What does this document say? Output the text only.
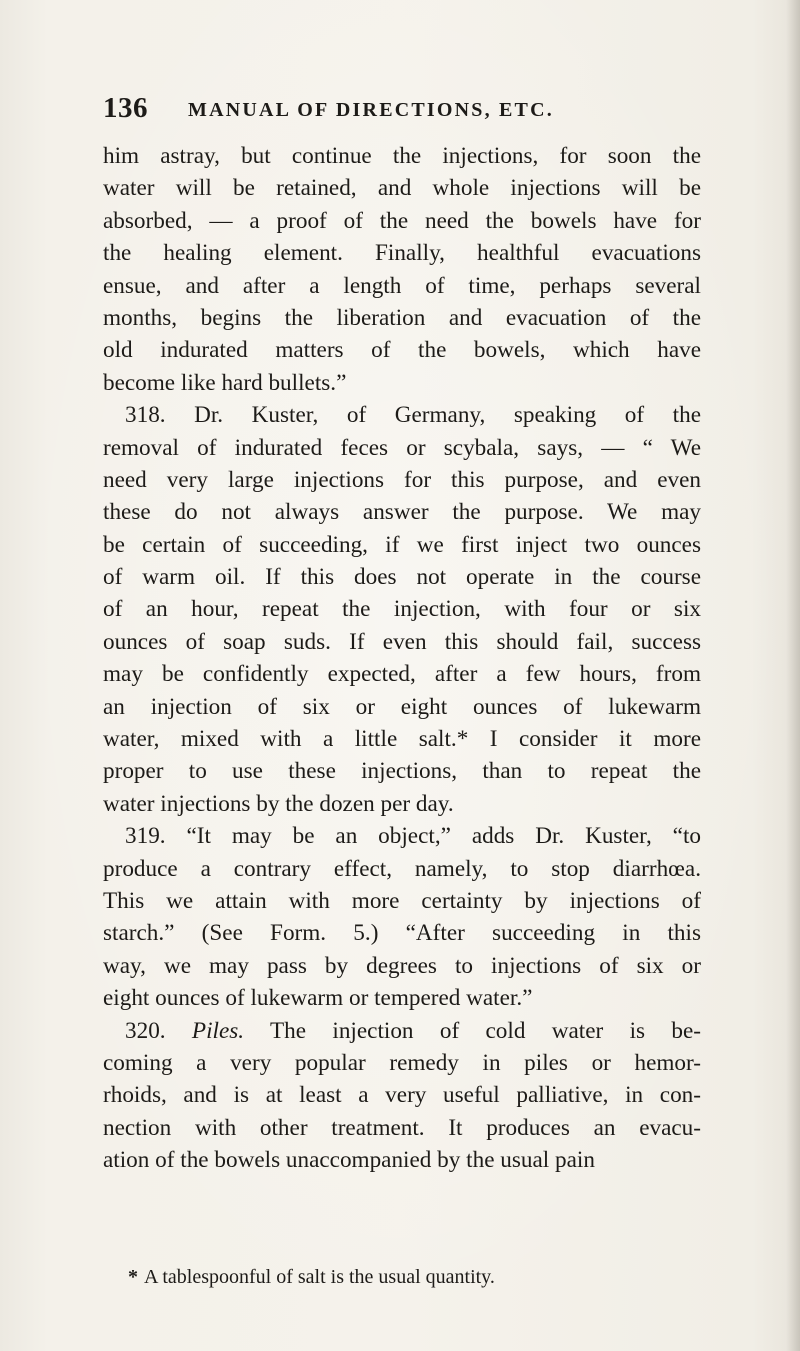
136 MANUAL OF DIRECTIONS, ETC.
him astray, but continue the injections, for soon the
water will be retained, and whole injections will be
absorbed, — a proof of the need the bowels have for
the healing element. Finally, healthful evacuations
ensue, and after a length of time, perhaps several
months, begins the liberation and evacuation of the
old indurated matters of the bowels, which have
become like hard bullets.”
318. Dr. Kuster, of Germany, speaking of the
removal of indurated feces or scybala, says, — “ We
need very large injections for this purpose, and even
these do not always answer the purpose. We may
be certain of succeeding, if we first inject two ounces
of warm oil. If this does not operate in the course
of an hour, repeat the injection, with four or six
ounces of soap suds. If even this should fail, success
may be confidently expected, after a few hours, from
an injection of six or eight ounces of lukewarm
water, mixed with a little salt.* I consider it more
proper to use these injections, than to repeat the
water injections by the dozen per day.
319. “It may be an object,” adds Dr. Kuster, “to
produce a contrary effect, namely, to stop diarrhœa.
This we attain with more certainty by injections of
starch.” (See Form. 5.) “After succeeding in this
way, we may pass by degrees to injections of six or
eight ounces of lukewarm or tempered water.”
320. Piles. The injection of cold water is be-
coming a very popular remedy in piles or hemor-
rhoids, and is at least a very useful palliative, in con-
nection with other treatment. It produces an evacu-
ation of the bowels unaccompanied by the usual pain
* A tablespoonful of salt is the usual quantity.
